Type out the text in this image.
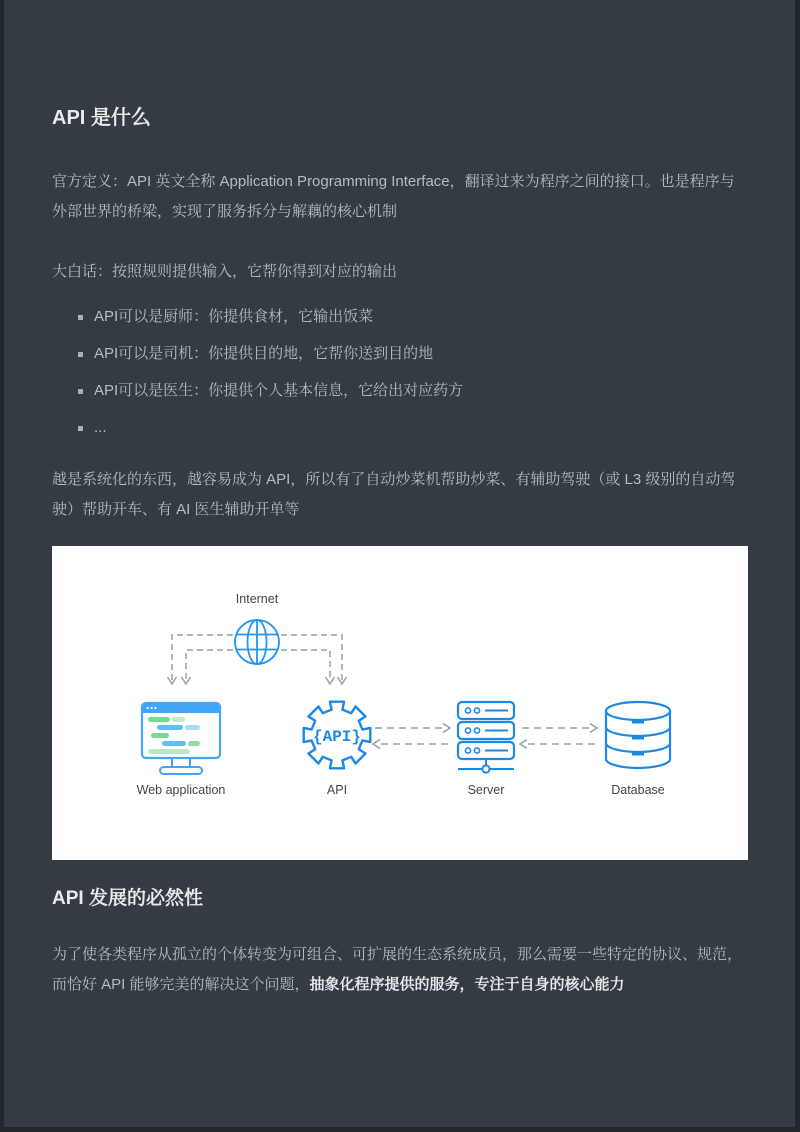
API 是什么

官方定义：API 英文全称 Application Programming Interface，翻译过来为程序之间的接口。也是程序与外部世界的桥梁，实现了服务拆分与解藕的核心机制

大白话：按照规则提供输入，它帮你得到对应的输出

API可以是厨师：你提供食材，它输出饭菜
API可以是司机：你提供目的地，它帮你送到目的地
API可以是医生：你提供个人基本信息，它给出对应药方
...

越是系统化的东西，越容易成为 API，所以有了自动炒菜机帮助炒菜、有辅助驾驶（或 L3 级别的自动驾驶）帮助开车、有 AI 医生辅助开单等

Internet
{API}
Web application	API	Server	Database
API 发展的必然性

为了使各类程序从孤立的个体转变为可组合、可扩展的生态系统成员，那么需要一些特定的协议、规范，而恰好 API 能够完美的解决这个问题，抽象化程序提供的服务，专注于自身的核心能力
